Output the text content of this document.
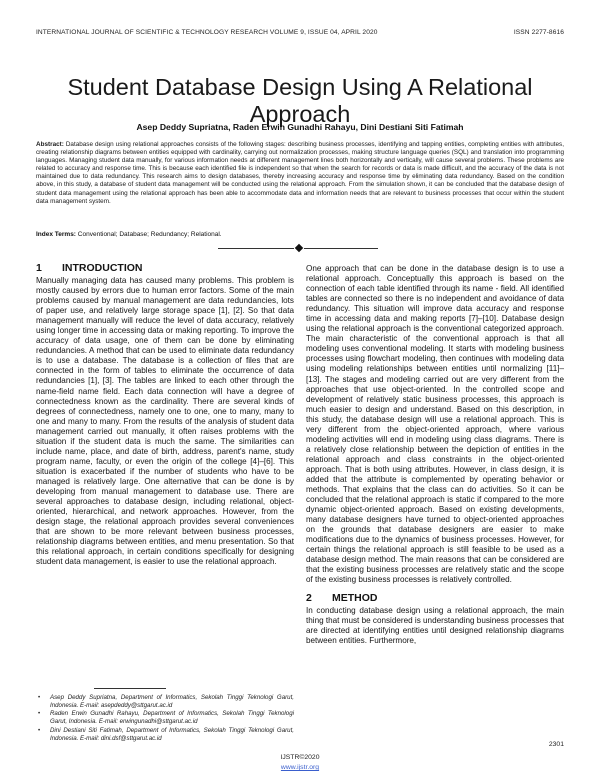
INTERNATIONAL JOURNAL OF SCIENTIFIC & TECHNOLOGY RESEARCH VOLUME 9, ISSUE 04, APRIL 2020	ISSN 2277-8616
Student Database Design Using A Relational Approach
Asep Deddy Supriatna, Raden Erwin Gunadhi Rahayu, Dini Destiani Siti Fatimah
Abstract: Database design using relational approaches consists of the following stages: describing business processes, identifying and tapping entities, completing entities with attributes, creating relationship diagrams between entities equipped with cardinality, carrying out normalization processes, making structure language queries (SQL) and translation into programming languages. Managing student data manually, for various information needs at different management lines both horizontally and vertically, will cause several problems. These problems are related to accuracy and response time. This is because each identified file is independent so that when the search for records or data is made difficult, and the accuracy of the data is not maintained due to data redundancy. This research aims to design databases, thereby increasing accuracy and response time by eliminating data redundancy. Based on the condition above, in this study, a database of student data management will be conducted using the relational approach. From the simulation shown, it can be concluded that the database design of student data management using the relational approach has been able to accommodate data and information needs that are relevant to business processes that occur within the student data management system.
Index Terms: Conventional; Database; Redundancy; Relational.
1 INTRODUCTION

Manually managing data has caused many problems. This problem is mostly caused by errors due to human error factors. Some of the main problems caused by manual management are data redundancies, lots of paper use, and relatively large storage space [1], [2]. So that data management manually will reduce the level of data accuracy, relatively using longer time in accessing data or making reporting. To improve the accuracy of data usage, one of them can be done by eliminating redundancies. A method that can be used to eliminate data redundancy is to use a database. The database is a collection of files that are connected in the form of tables to eliminate the occurrence of data redundancies [1], [3]. The tables are linked to each other through the name-field name field. Each data connection will have a degree of connectedness known as the cardinality. There are several kinds of degrees of connectedness, namely one to one, one to many, many to one and many to many. From the results of the analysis of student data management carried out manually, it often raises problems with the situation if the student data is much the same. The similarities can include name, place, and date of birth, address, parent's name, study program name, faculty, or even the origin of the college [4]–[6]. This situation is exacerbated if the number of students who have to be managed is relatively large. One alternative that can be done is by developing from manual management to database use. There are several approaches to database design, including relational, object-oriented, hierarchical, and network approaches. However, from the design stage, the relational approach provides several conveniences that are shown to be more relevant between business processes, relationship diagrams between entities, and menu presentation. So that this relational approach, in certain conditions specifically for designing student data management, is easier to use the relational approach.

One approach that can be done in the database design is to use a relational approach. Conceptually this approach is based on the connection of each table identified through its name - field. All identified tables are connected so there is no independent and avoidance of data redundancy. This situation will improve data accuracy and response time in accessing data and making reports [7]–[10]. Database design using the relational approach is the conventional categorized approach. The main characteristic of the conventional approach is that all modeling uses conventional modeling. It starts with modeling business processes using flowchart modeling, then continues with modeling data using modeling relationships between entities until normalizing [11]–[13]. The stages and modeling carried out are very different from the approaches that use object-oriented. In the controlled scope and development of relatively static business processes, this approach is much easier to design and understand. Based on this description, in this study, the database design will use a relational approach. This is very different from the object-oriented approach, where various modeling activities will end in modeling using class diagrams. There is a relatively close relationship between the depiction of entities in the relational approach and class constraints in the object-oriented approach. That is both using attributes. However, in class design, it is added that the attribute is complemented by operating behavior or methods. That explains that the class can do activities. So it can be concluded that the relational approach is static if compared to the more dynamic object-oriented approach. Based on existing developments, many database designers have turned to object-oriented approaches on the grounds that database designers are easier to make modifications due to the dynamics of business processes. However, for certain things the relational approach is still feasible to be used as a database design method. The main reasons that can be considered are that the existing business processes are relatively static and the scope of the existing business processes is relatively controlled.

2 METHOD

In conducting database design using a relational approach, the main thing that must be considered is understanding business processes that are directed at identifying entities until designed relationship diagrams between entities. Furthermore,

• Asep Deddy Supriatna, Department of Informatics, Sekolah Tinggi Teknologi Garut, Indonesia. E-mail: asepdeddy@sttgarut.ac.id
• Raden Erwin Gunadhi Rahayu, Department of Informatics, Sekolah Tinggi Teknologi Garut, Indonesia. E-mail: erwingunadhi@sttgarut.ac.id
• Dini Destiani Siti Fatimah, Department of Informatics, Sekolah Tinggi Teknologi Garut, Indonesia. E-mail: dini.dsf@sttgarut.ac.id
2301
IJSTR©2020
www.ijstr.org
